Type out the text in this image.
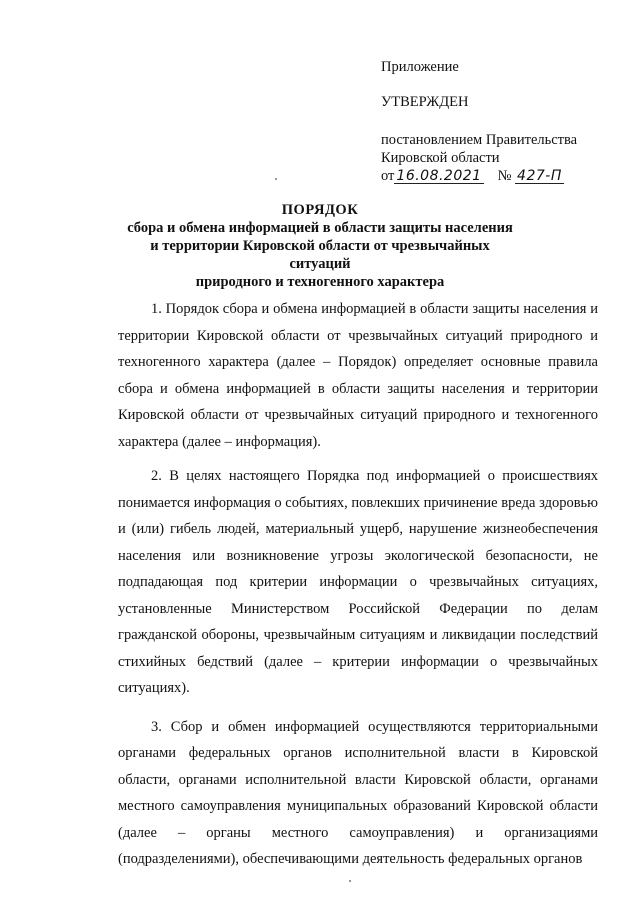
Приложение
УТВЕРЖДЕН
постановлением Правительства
Кировской области
от 16.08.2021 № 427-П
ПОРЯДОК
сбора и обмена информацией в области защиты населения
и территории Кировской области от чрезвычайных ситуаций
природного и техногенного характера

1. Порядок сбора и обмена информацией в области защиты населения и территории Кировской области от чрезвычайных ситуаций природного и техногенного характера (далее – Порядок) определяет основные правила сбора и обмена информацией в области защиты населения и территории Кировской области от чрезвычайных ситуаций природного и техногенного характера (далее – информация).

2. В целях настоящего Порядка под информацией о происшествиях понимается информация о событиях, повлекших причинение вреда здоровью и (или) гибель людей, материальный ущерб, нарушение жизнеобеспечения населения или возникновение угрозы экологической безопасности, не подпадающая под критерии информации о чрезвычайных ситуациях, установленные Министерством Российской Федерации по делам гражданской обороны, чрезвычайным ситуациям и ликвидации последствий стихийных бедствий (далее – критерии информации о чрезвычайных ситуациях).

3. Сбор и обмен информацией осуществляются территориальными органами федеральных органов исполнительной власти в Кировской области, органами исполнительной власти Кировской области, органами местного самоуправления муниципальных образований Кировской области (далее – органы местного самоуправления) и организациями (подразделениями), обеспечивающими деятельность федеральных органов
